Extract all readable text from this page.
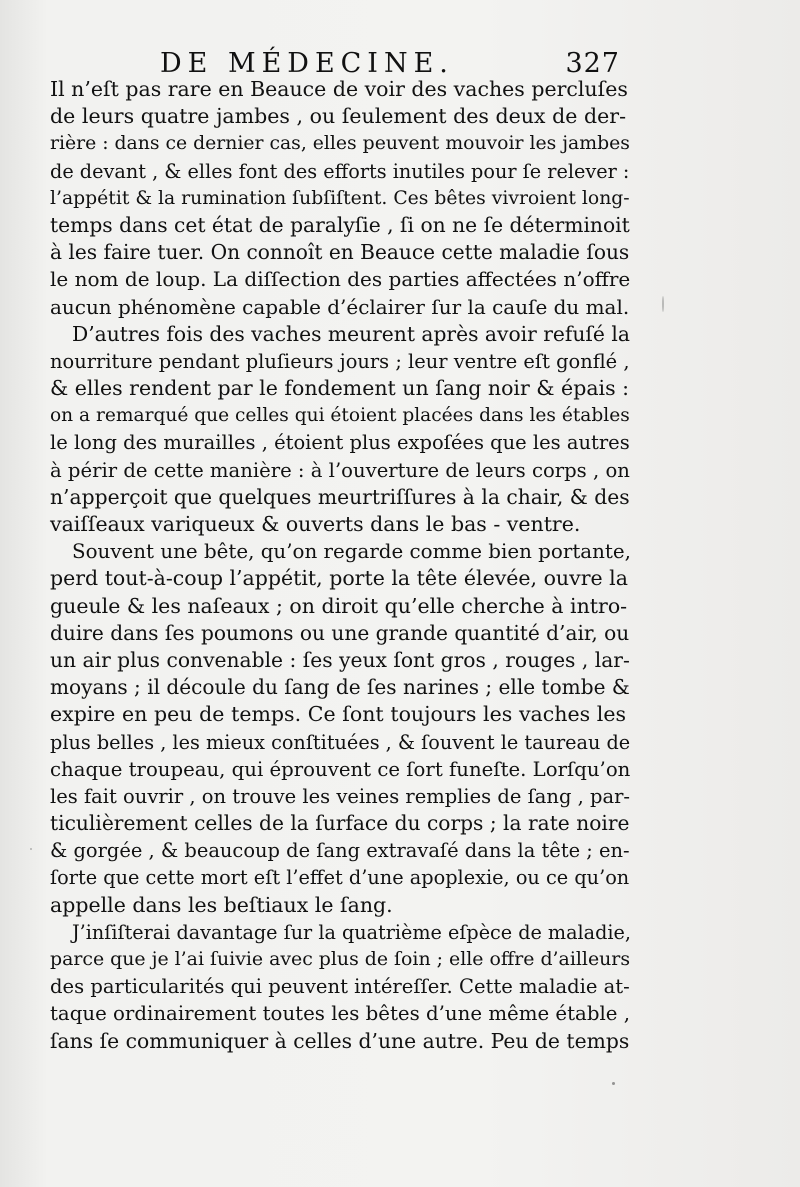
DE MÉDECINE.	327
Il n’eſt pas rare en Beauce de voir des vaches percluſes
de leurs quatre jambes , ou ſeulement des deux de der-
rière : dans ce dernier cas, elles peuvent mouvoir les jambes
de devant , & elles font des efforts inutiles pour ſe relever :
l’appétit & la rumination ſubſiſtent. Ces bêtes vivroient long-
temps dans cet état de paralyſie , ſi on ne ſe déterminoit
à les faire tuer. On connoît en Beauce cette maladie ſous
le nom de loup. La diſſection des parties affectées n’offre
aucun phénomène capable d’éclairer ſur la cauſe du mal.
D’autres fois des vaches meurent après avoir refuſé la
nourriture pendant pluſieurs jours ; leur ventre eſt gonflé ,
& elles rendent par le fondement un ſang noir & épais :
on a remarqué que celles qui étoient placées dans les étables
le long des murailles , étoient plus expoſées que les autres
à périr de cette manière : à l’ouverture de leurs corps , on
n’apperçoit que quelques meurtriſſures à la chair, & des
vaiſſeaux variqueux & ouverts dans le bas - ventre.
Souvent une bête, qu’on regarde comme bien portante,
perd tout-à-coup l’appétit, porte la tête élevée, ouvre la
gueule & les naſeaux ; on diroit qu’elle cherche à intro-
duire dans ſes poumons ou une grande quantité d’air, ou
un air plus convenable : ſes yeux ſont gros , rouges , lar-
moyans ; il découle du ſang de ſes narines ; elle tombe &
expire en peu de temps. Ce ſont toujours les vaches les
plus belles , les mieux conſtituées , & ſouvent le taureau de
chaque troupeau, qui éprouvent ce ſort funeſte. Lorſqu’on
les fait ouvrir , on trouve les veines remplies de ſang , par-
ticulièrement celles de la ſurface du corps ; la rate noire
& gorgée , & beaucoup de ſang extravaſé dans la tête ; en-
ſorte que cette mort eſt l’effet d’une apoplexie, ou ce qu’on
appelle dans les beſtiaux le ſang.
J’inſiſterai davantage ſur la quatrième eſpèce de maladie,
parce que je l’ai ſuivie avec plus de ſoin ; elle offre d’ailleurs
des particularités qui peuvent intéreſſer. Cette maladie at-
taque ordinairement toutes les bêtes d’une même étable ,
ſans ſe communiquer à celles d’une autre. Peu de temps
